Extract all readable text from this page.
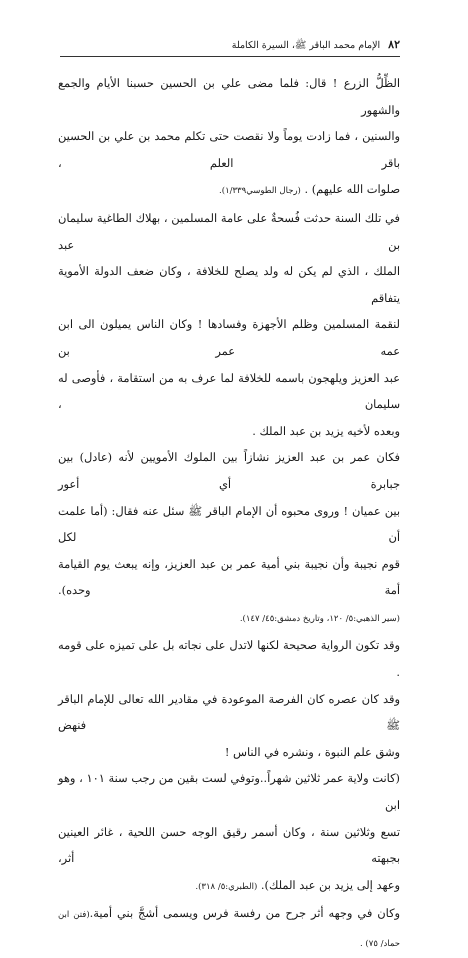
٨٢
الإمام محمد الباقر ﷺ، السيرة الكاملة

الظِّلُّ الزرع ! قال: فلما مضى علي بن الحسين حسبنا الأيام والجمع والشهور

والسنين ، فما زادت يوماً ولا نقصت حتى تكلم محمد بن علي بن الحسين باقر العلم ،

صلوات الله عليهم) . (رجال الطوسي١/٣٣٩).

في تلك السنة حدثت فُسحةٌ على عامة المسلمين ، بهلاك الطاغية سليمان بن عبد

الملك ، الذي لم يكن له ولد يصلح للخلافة ، وكان ضعف الدولة الأموية يتفاقم

لنقمة المسلمين وظلم الأجهزة وفسادها ! وكان الناس يميلون الى ابن عمه عمر بن

عبد العزيز ويلهجون باسمه للخلافة لما عرف به من استقامة ، فأوصى له سليمان ،

وبعده لأخيه يزيد بن عبد الملك .

فكان عمر بن عبد العزيز نشازاً بين الملوك الأمويين لأنه (عادل) بين جبابرة أي أعور

بين عميان ! وروى محبوه أن الإمام الباقر ﷺ سئل عنه فقال: (أما علمت أن لكل

قوم نجيبة وأن نجيبة بني أمية عمر بن عبد العزيز، وإنه يبعث يوم القيامة أمة وحده).

(سير الذهبي:٥/ ١٢٠، وتاريخ دمشق:٤٥/ ١٤٧).

وقد تكون الرواية صحيحة لكنها لاتدل على نجاته بل على تميزه على قومه .

وقد كان عصره كان الفرصة الموعودة في مقادير الله تعالى للإمام الباقر ﷺ فنهض

وشق علم النبوة ، ونشره في الناس !

(كانت ولاية عمر ثلاثين شهراً..وتوفي لست بقين من رجب سنة ١٠١ ، وهو ابن

تسع وثلاثين سنة ، وكان أسمر رقيق الوجه حسن اللحية ، غائر العينين بجبهته أثر،

وعهد إلى يزيد بن عبد الملك). (الطبري:٥/ ٣١٨).

وكان في وجهه أثر جرح من رفسة فرس ويسمى أشجَّ بني أمية.(فتن ابن حماد/ ٧٥) .
